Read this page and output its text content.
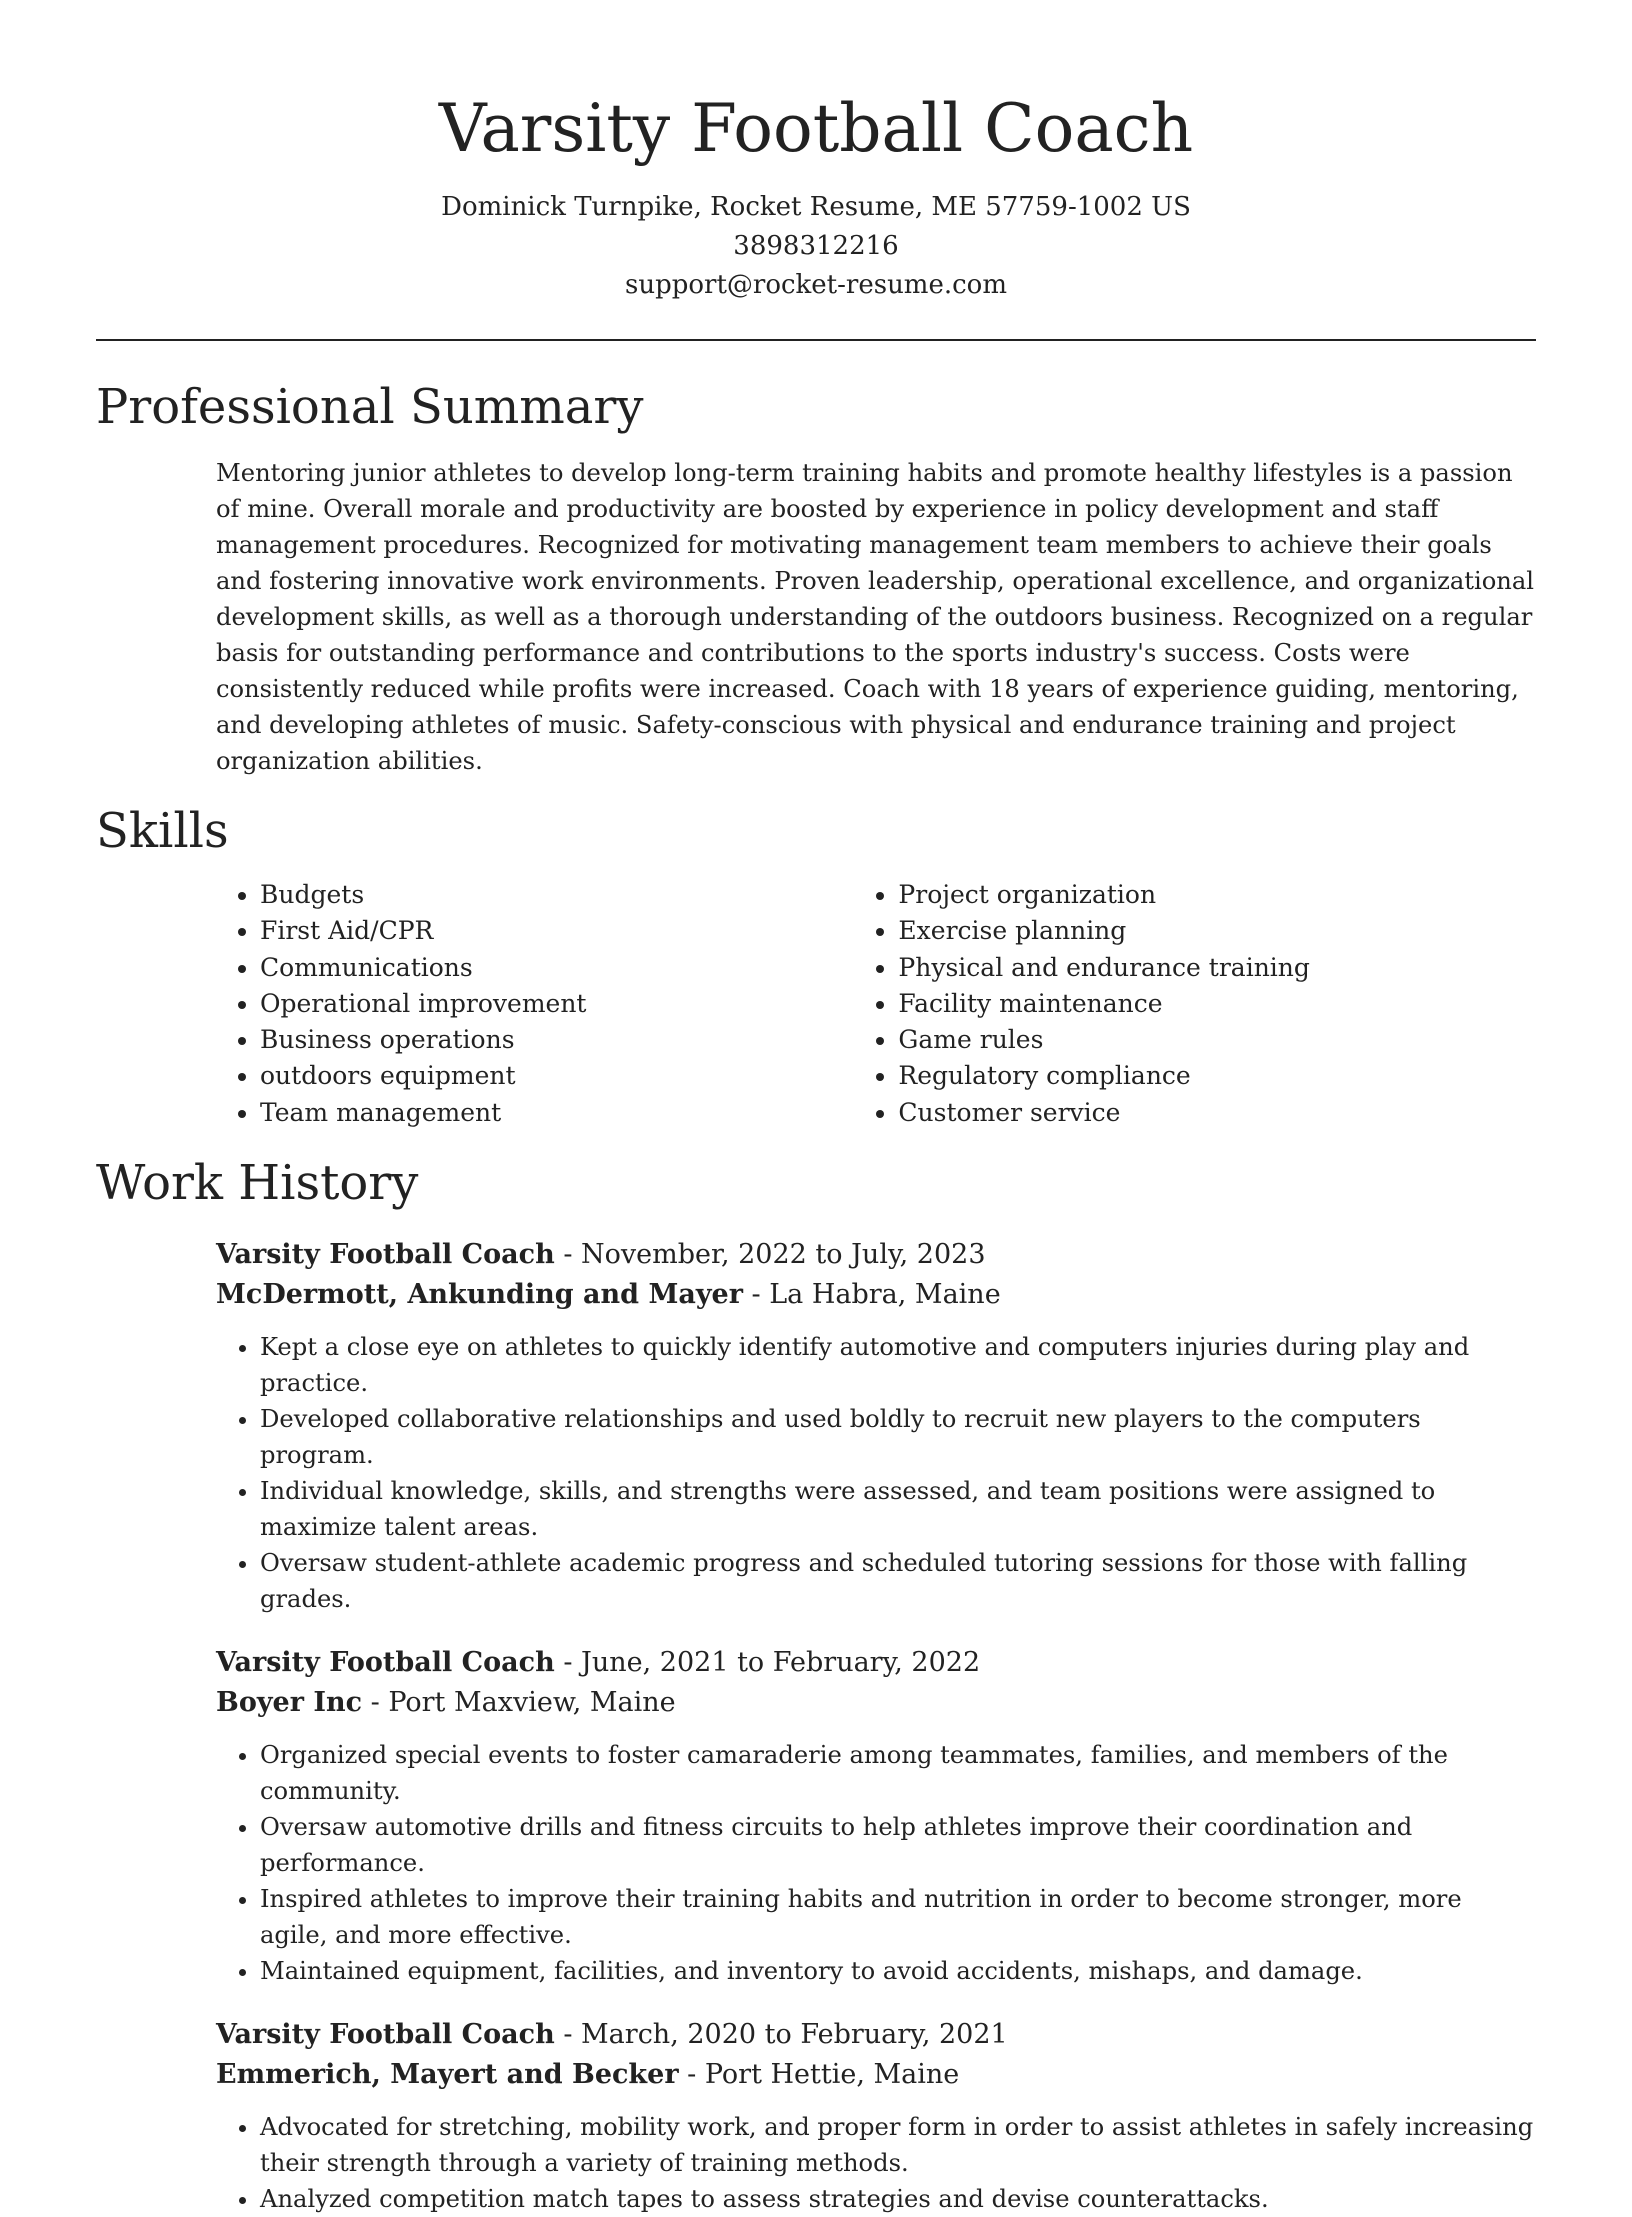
Varsity Football Coach
Dominick Turnpike, Rocket Resume, ME 57759-1002 US
3898312216
support@rocket-resume.com
Professional Summary

Mentoring junior athletes to develop long-term training habits and promote healthy lifestyles is a passion of mine. Overall morale and productivity are boosted by experience in policy development and staff management procedures. Recognized for motivating management team members to achieve their goals and fostering innovative work environments. Proven leadership, operational excellence, and organizational development skills, as well as a thorough understanding of the outdoors business. Recognized on a regular basis for outstanding performance and contributions to the sports industry's success. Costs were consistently reduced while profits were increased. Coach with 18 years of experience guiding, mentoring, and developing athletes of music. Safety-conscious with physical and endurance training and project organization abilities.

Skills
• Budgets
• First Aid/CPR
• Communications
• Operational improvement
• Business operations
• outdoors equipment
• Team management
• Project organization
• Exercise planning
• Physical and endurance training
• Facility maintenance
• Game rules
• Regulatory compliance
• Customer service
Work History

Varsity Football Coach - November, 2022 to July, 2023

McDermott, Ankunding and Mayer - La Habra, Maine

• Kept a close eye on athletes to quickly identify automotive and computers injuries during play and practice.
• Developed collaborative relationships and used boldly to recruit new players to the computers program.
• Individual knowledge, skills, and strengths were assessed, and team positions were assigned to maximize talent areas.
• Oversaw student-athlete academic progress and scheduled tutoring sessions for those with falling grades.

Varsity Football Coach - June, 2021 to February, 2022

Boyer Inc - Port Maxview, Maine

• Organized special events to foster camaraderie among teammates, families, and members of the community.
• Oversaw automotive drills and fitness circuits to help athletes improve their coordination and performance.
• Inspired athletes to improve their training habits and nutrition in order to become stronger, more agile, and more effective.
• Maintained equipment, facilities, and inventory to avoid accidents, mishaps, and damage.

Varsity Football Coach - March, 2020 to February, 2021

Emmerich, Mayert and Becker - Port Hettie, Maine

• Advocated for stretching, mobility work, and proper form in order to assist athletes in safely increasing their strength through a variety of training methods.
• Analyzed competition match tapes to assess strategies and devise counterattacks.
